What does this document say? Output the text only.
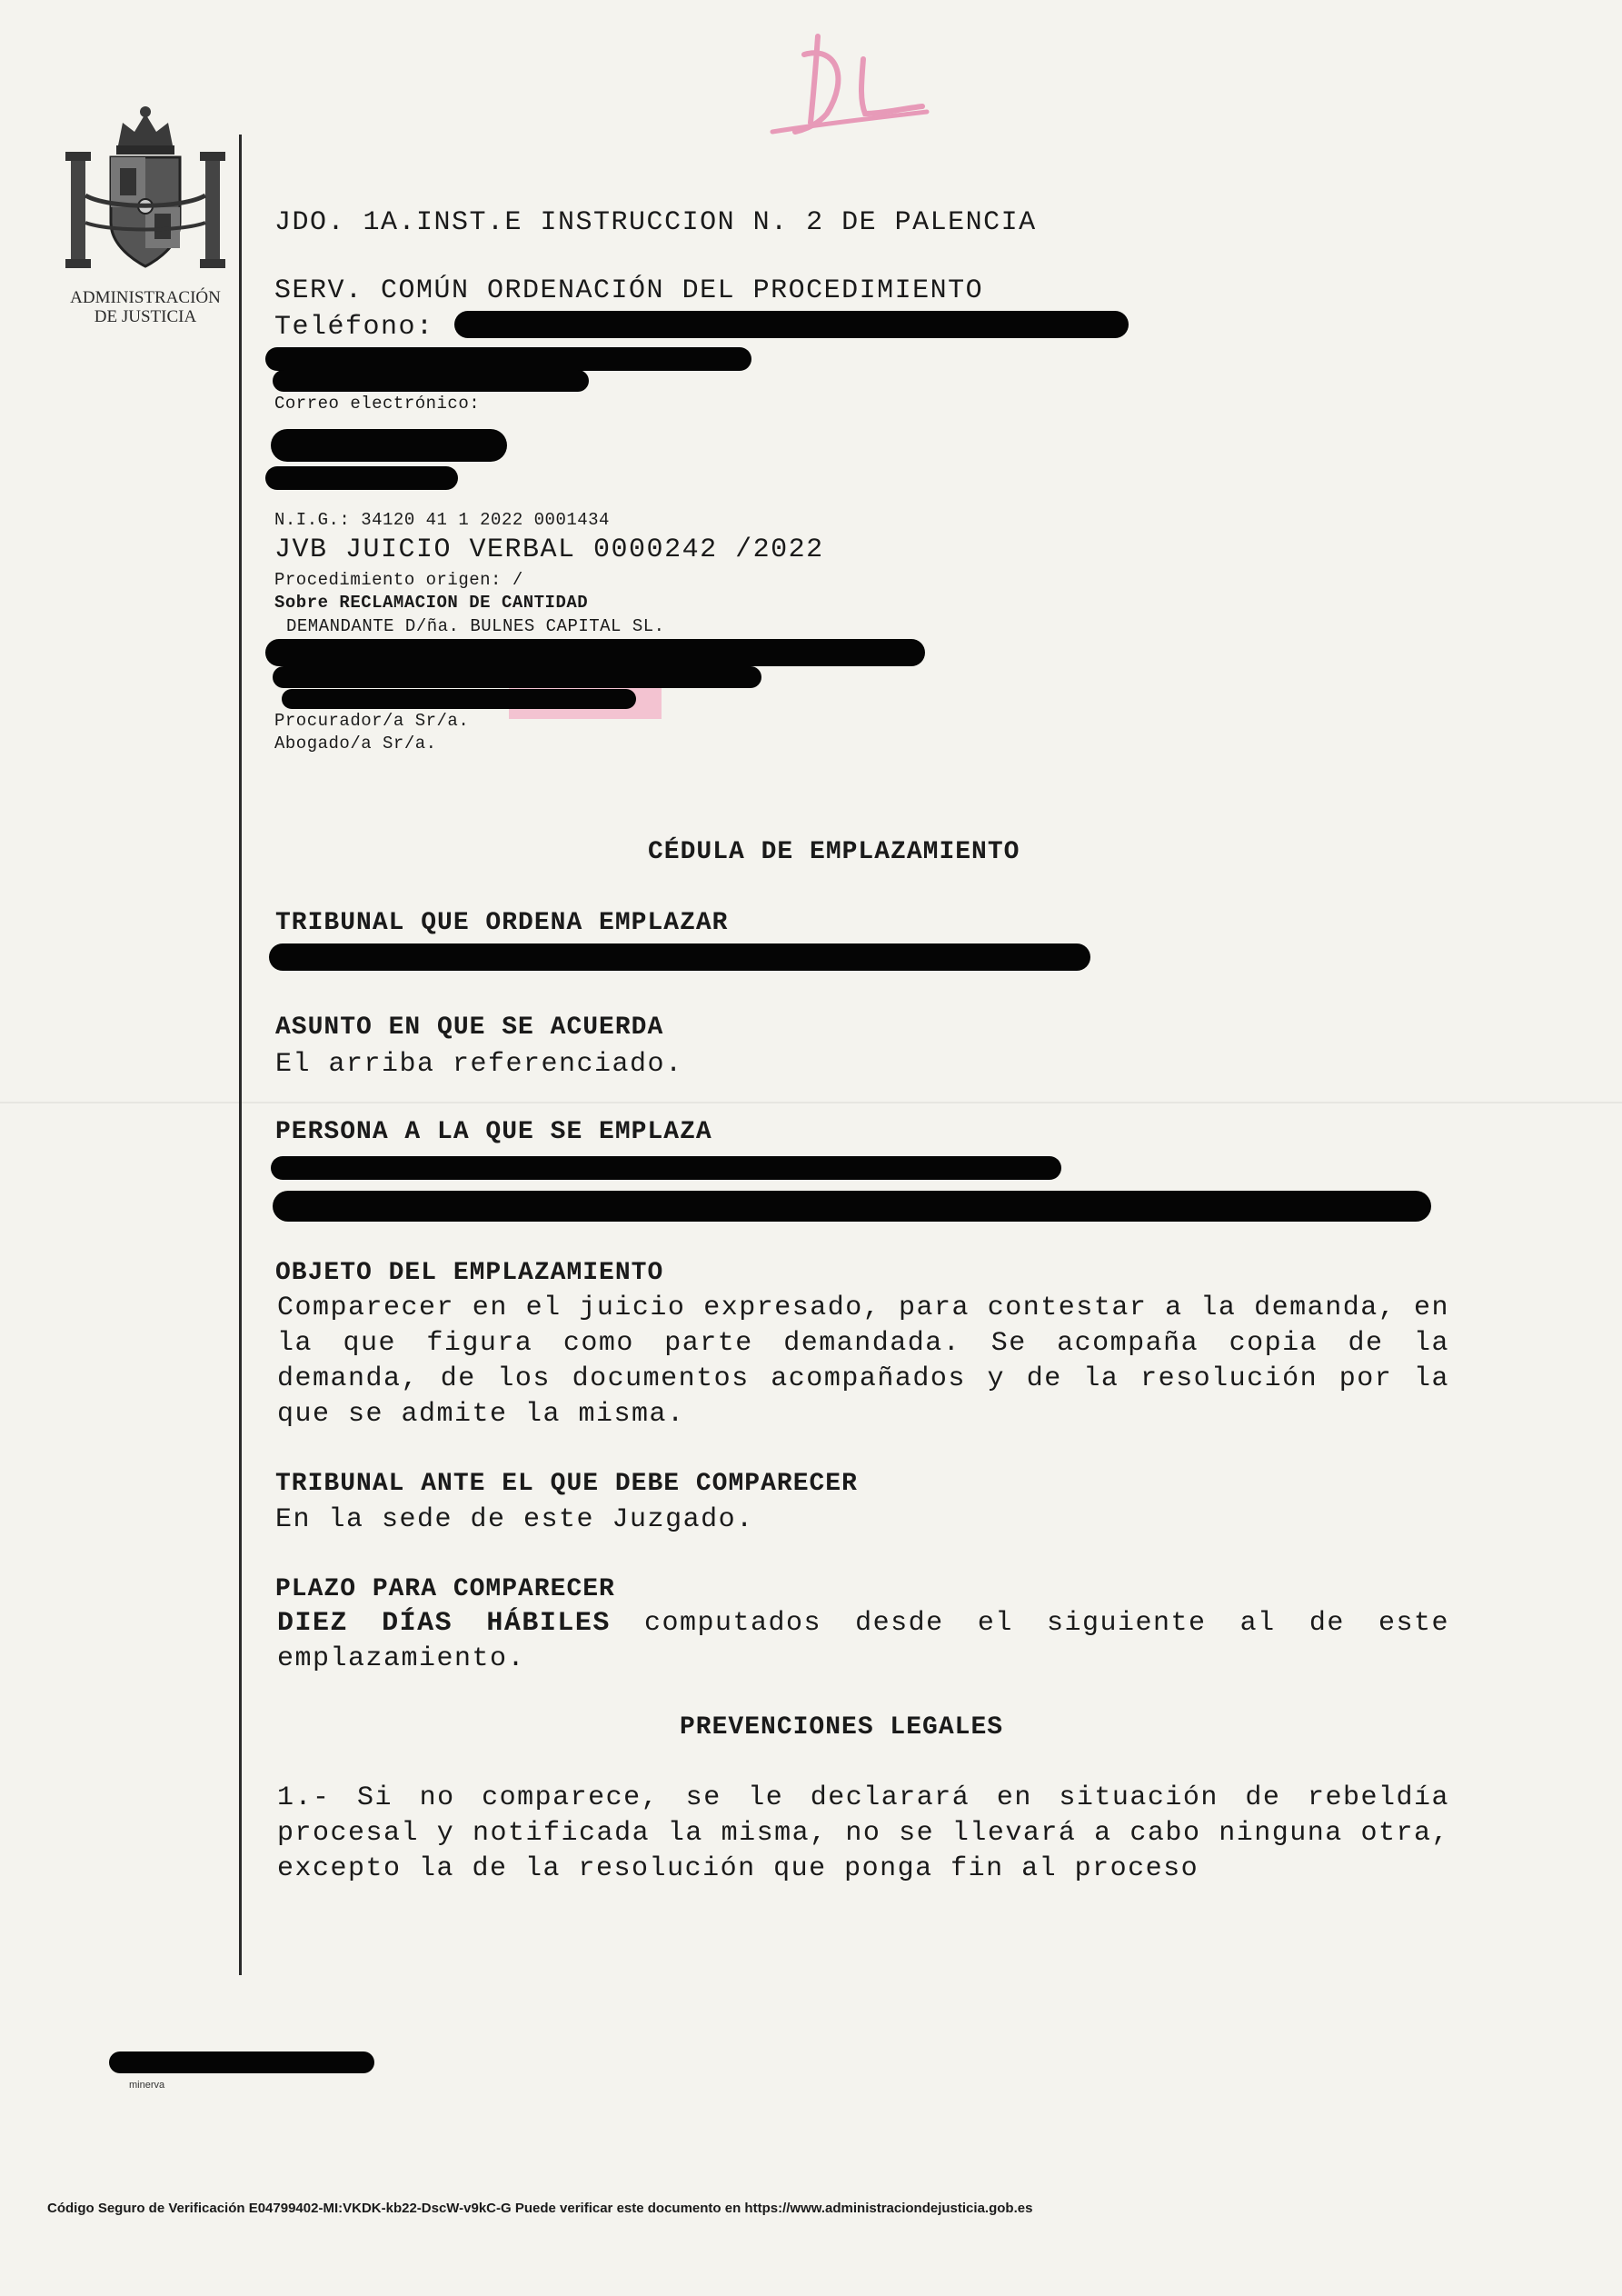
ADMINISTRACIÓN
DE JUSTICIA
JDO. 1A.INST.E INSTRUCCION N. 2 DE PALENCIA
SERV. COMÚN ORDENACIÓN DEL PROCEDIMIENTO
Teléfono:
Correo electrónico:
N.I.G.: 34120 41 1 2022 0001434
JVB JUICIO VERBAL 0000242 /2022
Procedimiento origen: /
Sobre RECLAMACION DE CANTIDAD
DEMANDANTE D/ña. BULNES CAPITAL SL.
Procurador/a Sr/a.
Abogado/a Sr/a.
CÉDULA DE EMPLAZAMIENTO
TRIBUNAL QUE ORDENA EMPLAZAR
ASUNTO EN QUE SE ACUERDA
El arriba referenciado.
PERSONA A LA QUE SE EMPLAZA
OBJETO DEL EMPLAZAMIENTO
Comparecer en el juicio expresado, para contestar a la demanda, en la que figura como parte demandada. Se acompaña copia de la demanda, de los documentos acompañados y de la resolución por la que se admite la misma.
TRIBUNAL ANTE EL QUE DEBE COMPARECER
En la sede de este Juzgado.
PLAZO PARA COMPARECER
DIEZ DÍAS HÁBILES computados desde el siguiente al de este emplazamiento.
PREVENCIONES LEGALES
1.- Si no comparece, se le declarará en situación de rebeldía procesal y notificada la misma, no se llevará a cabo ninguna otra, excepto la de la resolución que ponga fin al proceso
minerva
Código Seguro de Verificación E04799402-MI:VKDK-kb22-DscW-v9kC-G Puede verificar este documento en https://www.administraciondejusticia.gob.es
